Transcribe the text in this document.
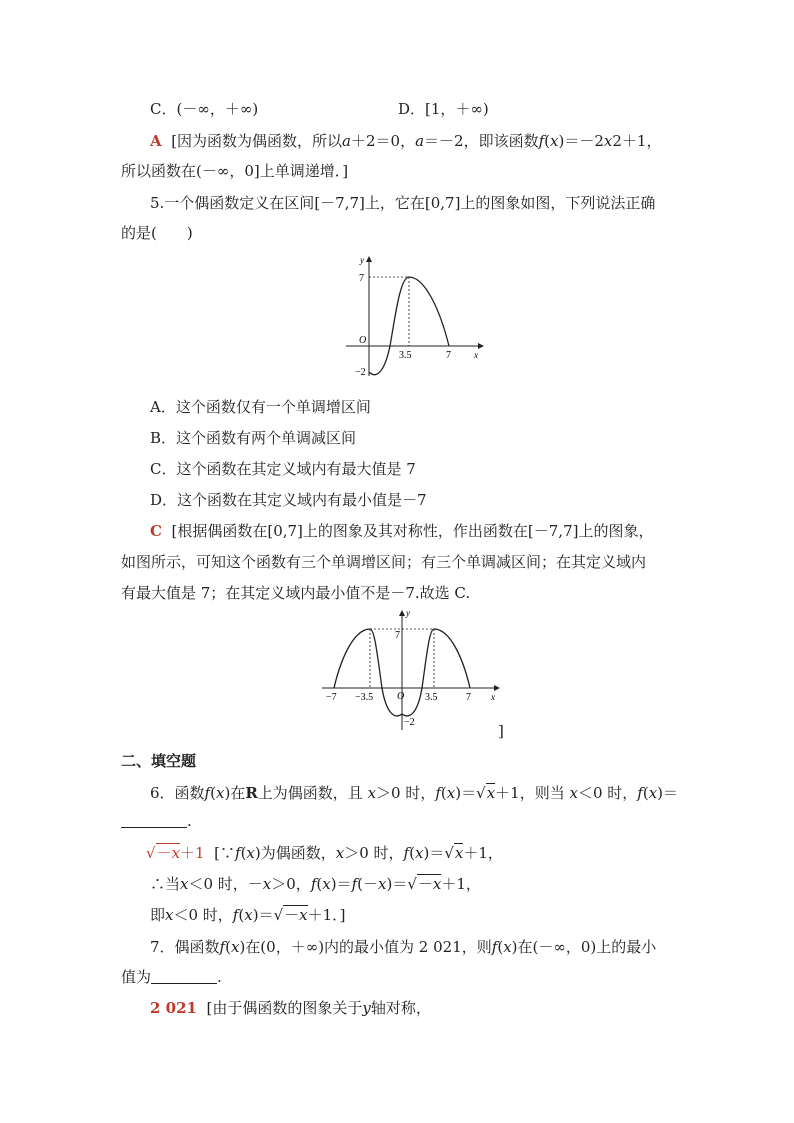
C．(－∞，＋∞)	D．[1，＋∞)
A [因为函数为偶函数，所以a＋2＝0，a＝－2，即该函数f(x)＝－2x2＋1，
所以函数在(－∞，0]上单调递增．]
5.一个偶函数定义在区间[－7,7]上，它在[0,7]上的图象如图，下列说法正确
的是(　　)
y
x
O
7
−2
3.5	7
A．这个函数仅有一个单调增区间
B．这个函数有两个单调减区间
C．这个函数在其定义域内有最大值是 7
D．这个函数在其定义域内有最小值是－7
C [根据偶函数在[0,7]上的图象及其对称性，作出函数在[－7,7]上的图象，
如图所示，可知这个函数有三个单调增区间；有三个单调减区间；在其定义域内
有最大值是 7；在其定义域内最小值不是－7.故选 C.
y
x
O
7
−2
−7 −3.5	3.5	7
]
二、填空题
6．函数f(x)在R上为偶函数，且 x＞0 时，f(x)＝√x＋1，则当 x＜0 时，f(x)＝
.
√－x＋1 [∵f(x)为偶函数，x＞0 时，f(x)＝√x＋1，
∴当x＜0 时，－x＞0，f(x)＝f(－x)＝√－x＋1，
即x＜0 时，f(x)＝√－x＋1．]
7．偶函数f(x)在(0，＋∞)内的最小值为 2 021，则f(x)在(－∞，0)上的最小
值为	.
2 021 [由于偶函数的图象关于y轴对称，
